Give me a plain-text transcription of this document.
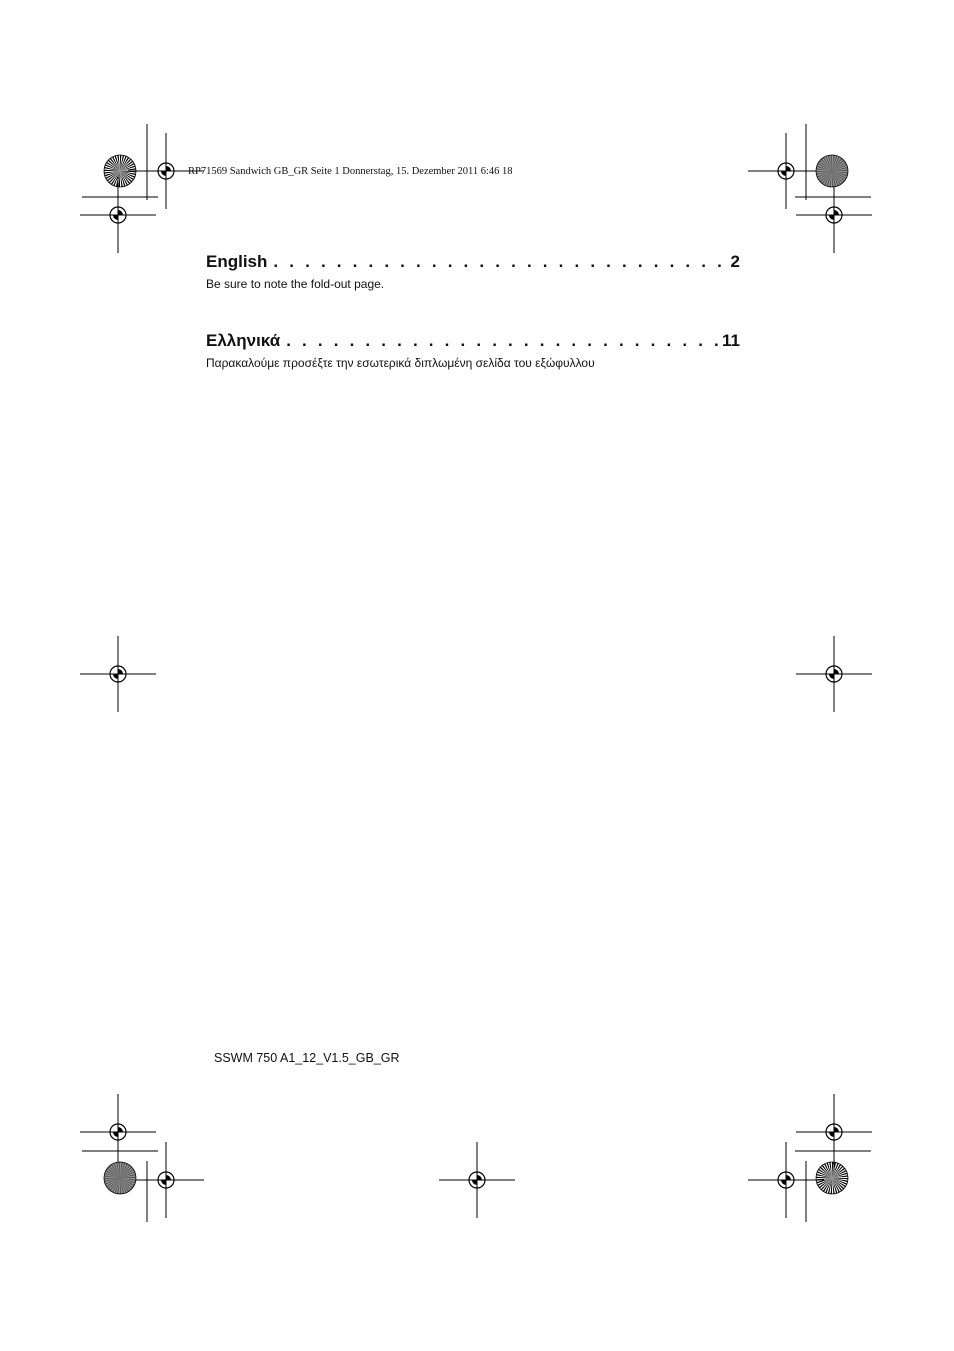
RP71569 Sandwich GB_GR Seite 1 Donnerstag, 15. Dezember 2011 6:46 18
English . . .	2
Be sure to note the fold-out page.
Ελληνικά . . .	11
Παρακαλούμε προσέξτε την εσωτερικά διπλωμένη σελίδα του εξώφυλλου
SSWM 750 A1_12_V1.5_GB_GR
